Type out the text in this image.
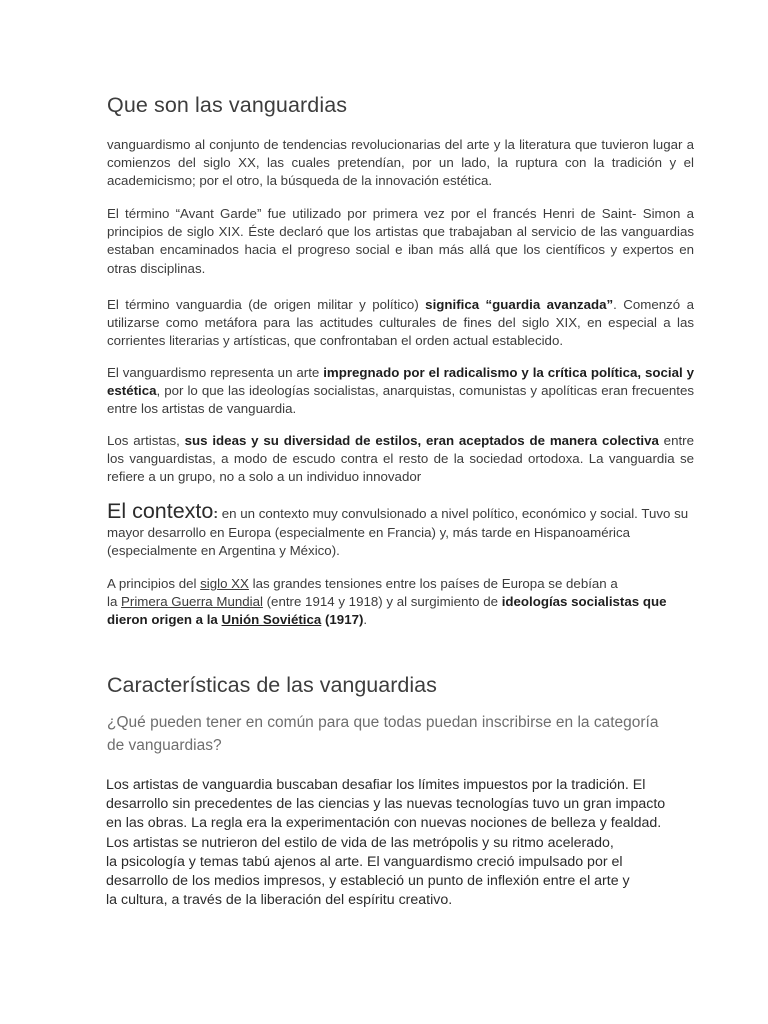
Que son las vanguardias

vanguardismo al conjunto de tendencias revolucionarias del arte y la literatura que tuvieron lugar a comienzos del siglo XX, las cuales pretendían, por un lado, la ruptura con la tradición y el academicismo; por el otro, la búsqueda de la innovación estética.

El término “Avant Garde” fue utilizado por primera vez por el francés Henri de Saint- Simon a principios de siglo XIX. Éste declaró que los artistas que trabajaban al servicio de las vanguardias estaban encaminados hacia el progreso social e iban más allá que los científicos y expertos en otras disciplinas.

El término vanguardia (de origen militar y político) significa “guardia avanzada”. Comenzó a utilizarse como metáfora para las actitudes culturales de fines del siglo XIX, en especial a las corrientes literarias y artísticas, que confrontaban el orden actual establecido.

El vanguardismo representa un arte impregnado por el radicalismo y la crítica política, social y estética, por lo que las ideologías socialistas, anarquistas, comunistas y apolíticas eran frecuentes entre los artistas de vanguardia.

Los artistas, sus ideas y su diversidad de estilos, eran aceptados de manera colectiva entre los vanguardistas, a modo de escudo contra el resto de la sociedad ortodoxa. La vanguardia se refiere a un grupo, no a solo a un individuo innovador

El contexto: en un contexto muy convulsionado a nivel político, económico y social. Tuvo su mayor desarrollo en Europa (especialmente en Francia) y, más tarde en Hispanoamérica (especialmente en Argentina y México).

A principios del siglo XX las grandes tensiones entre los países de Europa se debían a
la Primera Guerra Mundial (entre 1914 y 1918) y al surgimiento de ideologías socialistas que dieron origen a la Unión Soviética (1917).

Características de las vanguardias

¿Qué pueden tener en común para que todas puedan inscribirse en la categoría de vanguardias?

Los artistas de vanguardia buscaban desafiar los límites impuestos por la tradición. El
desarrollo sin precedentes de las ciencias y las nuevas tecnologías tuvo un gran impacto
en las obras. La regla era la experimentación con nuevas nociones de belleza y fealdad.
Los artistas se nutrieron del estilo de vida de las metrópolis y su ritmo acelerado,
la psicología y temas tabú ajenos al arte. El vanguardismo creció impulsado por el
desarrollo de los medios impresos, y estableció un punto de inflexión entre el arte y
la cultura, a través de la liberación del espíritu creativo.
